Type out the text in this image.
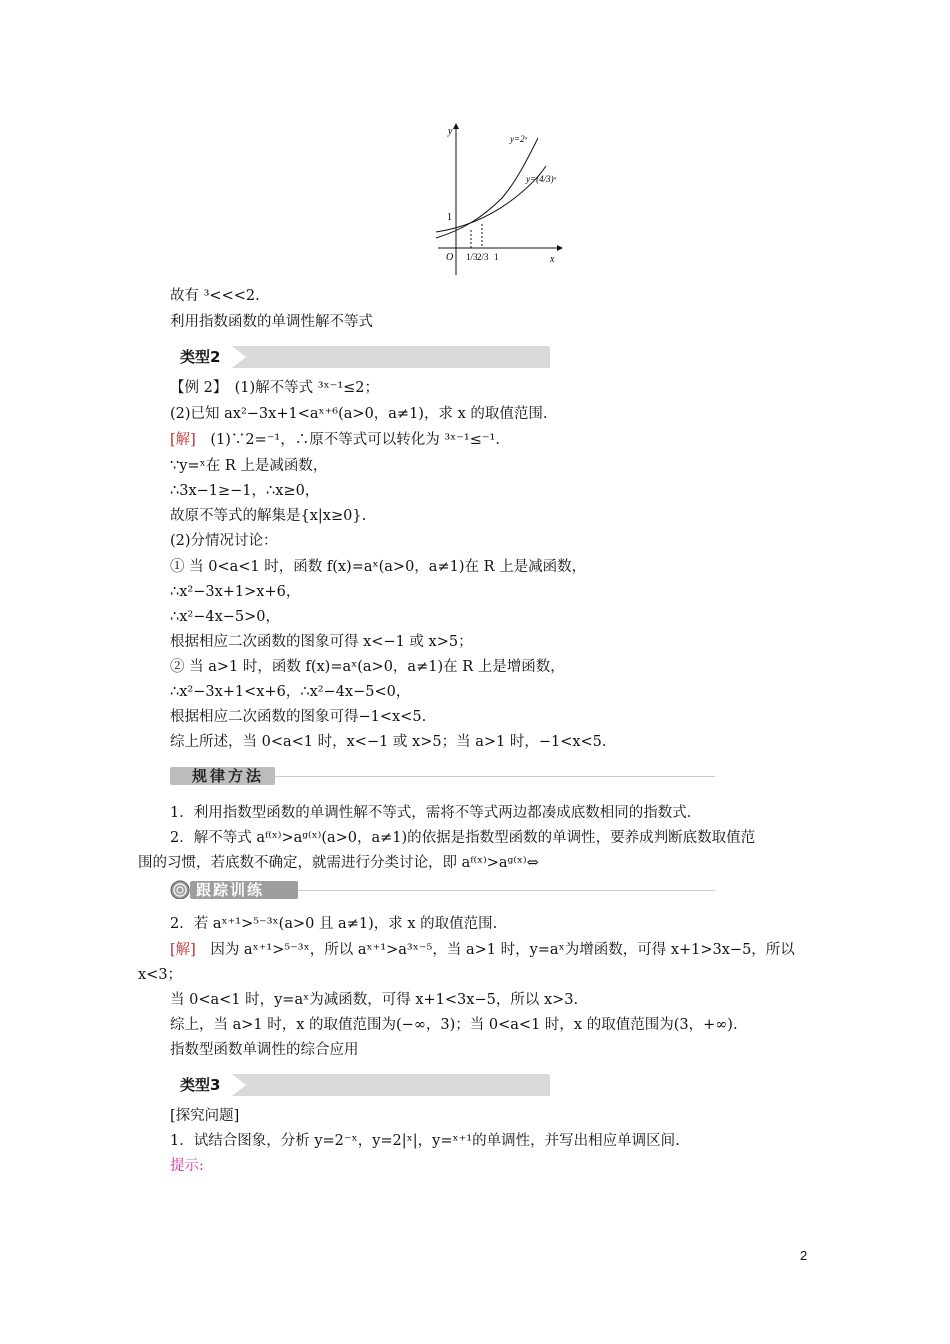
y
x
O
1
y=2ˣ
y=(4/3)ˣ
1/3 2/3 1
故有 ³<<<2.
利用指数函数的单调性解不等式
类型2
【例 2】　(1)解不等式 ³ˣ⁻¹≤2；
(2)已知 ax²−3x+1<aˣ⁺⁶(a>0，a≠1)，求 x 的取值范围.
[解]　(1)∵2=⁻¹，∴原不等式可以转化为 ³ˣ⁻¹≤⁻¹.
∵y=ˣ在 R 上是减函数，
∴3x−1≥−1，∴x≥0，
故原不等式的解集是{x|x≥0}.
(2)分情况讨论：
① 当 0<a<1 时，函数 f(x)=aˣ(a>0，a≠1)在 R 上是减函数，
∴x²−3x+1>x+6，
∴x²−4x−5>0，
根据相应二次函数的图象可得 x<−1 或 x>5；
② 当 a>1 时，函数 f(x)=aˣ(a>0，a≠1)在 R 上是增函数，
∴x²−3x+1<x+6，∴x²−4x−5<0，
根据相应二次函数的图象可得−1<x<5.
综上所述，当 0<a<1 时，x<−1 或 x>5；当 a>1 时，−1<x<5.
规律方法
1．利用指数型函数的单调性解不等式，需将不等式两边都凑成底数相同的指数式.
2．解不等式 aᶠ⁽ˣ⁾>aᵍ⁽ˣ⁾(a>0，a≠1)的依据是指数型函数的单调性，要养成判断底数取值范
围的习惯，若底数不确定，就需进行分类讨论，即 aᶠ⁽ˣ⁾>aᵍ⁽ˣ⁾⇔
跟踪训练
2．若 aˣ⁺¹>⁵⁻³ˣ(a>0 且 a≠1)，求 x 的取值范围.
[解]　因为 aˣ⁺¹>⁵⁻³ˣ，所以 aˣ⁺¹>a³ˣ⁻⁵，当 a>1 时，y=aˣ为增函数，可得 x+1>3x−5，所以
x<3；
当 0<a<1 时，y=aˣ为减函数，可得 x+1<3x−5，所以 x>3.
综上，当 a>1 时，x 的取值范围为(−∞，3)；当 0<a<1 时，x 的取值范围为(3，+∞).
指数型函数单调性的综合应用
类型3
[探究问题]
1．试结合图象，分析 y=2⁻ˣ，y=2|ˣ|，y=ˣ⁺¹的单调性，并写出相应单调区间.
提示:
2
